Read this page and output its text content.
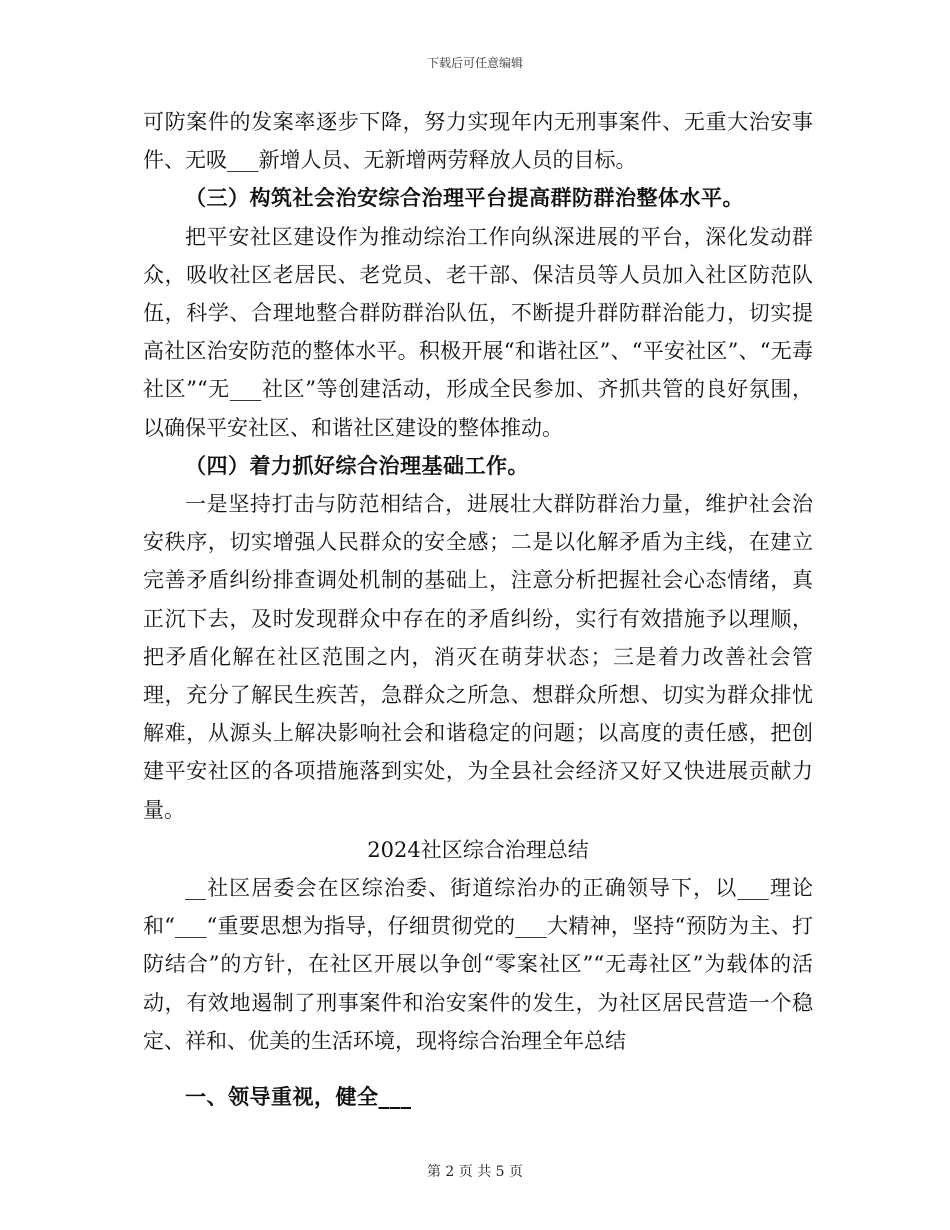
下载后可任意编辑

可防案件的发案率逐步下降，努力实现年内无刑事案件、无重大治安事件、无吸___新增人员、无新增两劳释放人员的目标。

（三）构筑社会治安综合治理平台提高群防群治整体水平。

把平安社区建设作为推动综治工作向纵深进展的平台，深化发动群众，吸收社区老居民、老党员、老干部、保洁员等人员加入社区防范队伍，科学、合理地整合群防群治队伍，不断提升群防群治能力，切实提高社区治安防范的整体水平。积极开展“和谐社区”、“平安社区”、“无毒社区”“无___社区”等创建活动，形成全民参加、齐抓共管的良好氛围，以确保平安社区、和谐社区建设的整体推动。

（四）着力抓好综合治理基础工作。

一是坚持打击与防范相结合，进展壮大群防群治力量，维护社会治安秩序，切实增强人民群众的安全感；二是以化解矛盾为主线，在建立完善矛盾纠纷排查调处机制的基础上，注意分析把握社会心态情绪，真正沉下去，及时发现群众中存在的矛盾纠纷，实行有效措施予以理顺，把矛盾化解在社区范围之内，消灭在萌芽状态；三是着力改善社会管理，充分了解民生疾苦，急群众之所急、想群众所想、切实为群众排忧解难，从源头上解决影响社会和谐稳定的问题；以高度的责任感，把创建平安社区的各项措施落到实处，为全县社会经济又好又快进展贡献力量。

2024社区综合治理总结

__社区居委会在区综治委、街道综治办的正确领导下，以___理论和“___“重要思想为指导，仔细贯彻党的___大精神，坚持“预防为主、打防结合”的方针，在社区开展以争创“零案社区”“无毒社区”为载体的活动，有效地遏制了刑事案件和治安案件的发生，为社区居民营造一个稳定、祥和、优美的生活环境，现将综合治理全年总结

一、领导重视，健全___

第 2 页 共 5 页
